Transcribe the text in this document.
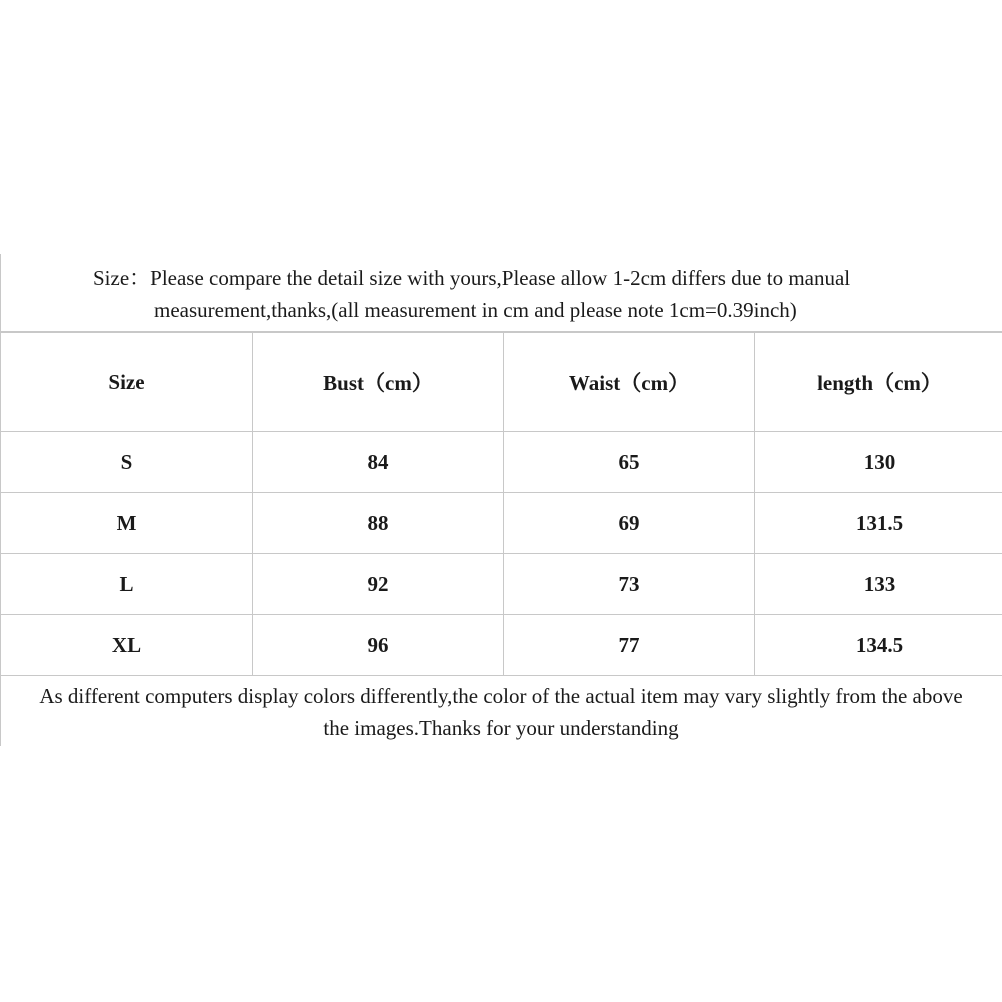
Size：Please compare the detail size with yours,Please allow 1-2cm differs due to manual

measurement,thanks,(all measurement in cm and please note 1cm=0.39inch)

Size	Bust（cm）	Waist（cm）	length（cm）
S	84	65	130
M	88	69	131.5
L	92	73	133
XL	96	77	134.5

As different computers display colors differently,the color of the actual item may vary slightly from the above

the images.Thanks for your understanding
